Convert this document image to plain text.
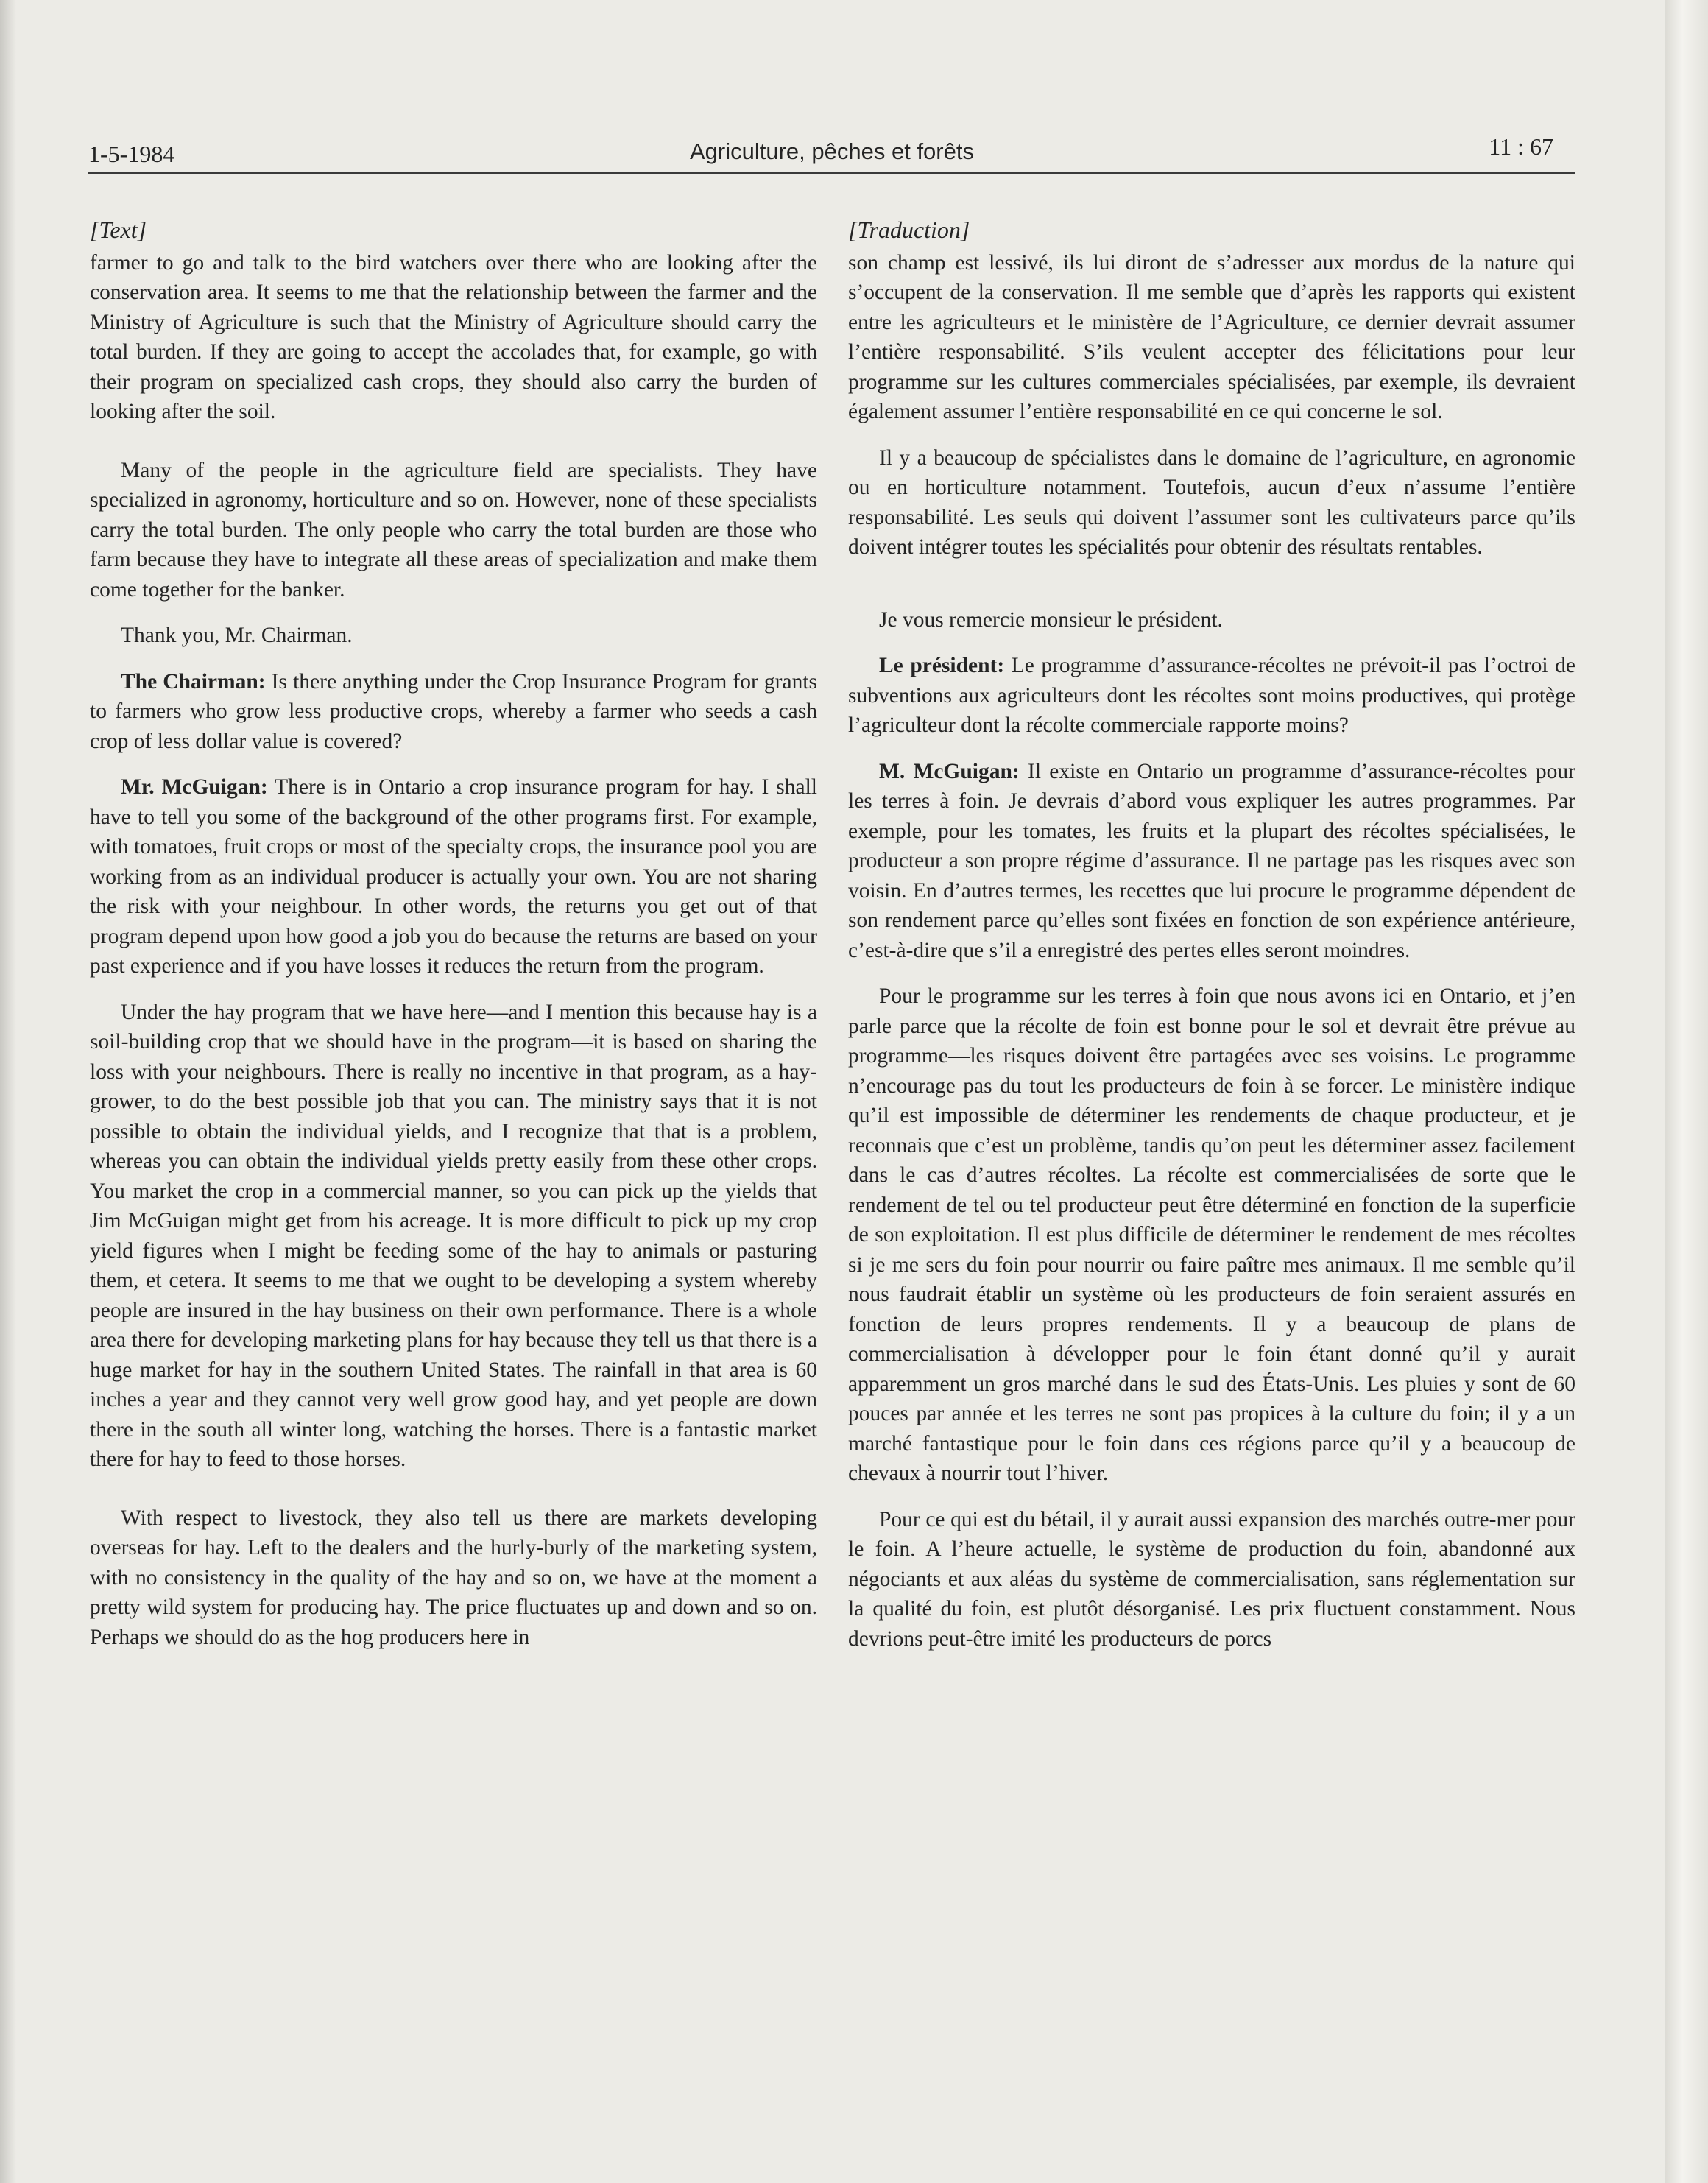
1-5-1984	Agriculture, pêches et forêts	11 : 67
[Text]

farmer to go and talk to the bird watchers over there who are looking after the conservation area. It seems to me that the relationship between the farmer and the Ministry of Agriculture is such that the Ministry of Agriculture should carry the total burden. If they are going to accept the accolades that, for example, go with their program on specialized cash crops, they should also carry the burden of looking after the soil.

Many of the people in the agriculture field are specialists. They have specialized in agronomy, horticulture and so on. However, none of these specialists carry the total burden. The only people who carry the total burden are those who farm because they have to integrate all these areas of specialization and make them come together for the banker.

Thank you, Mr. Chairman.

The Chairman: Is there anything under the Crop Insurance Program for grants to farmers who grow less productive crops, whereby a farmer who seeds a cash crop of less dollar value is covered?

Mr. McGuigan: There is in Ontario a crop insurance program for hay. I shall have to tell you some of the background of the other programs first. For example, with tomatoes, fruit crops or most of the specialty crops, the insurance pool you are working from as an individual producer is actually your own. You are not sharing the risk with your neighbour. In other words, the returns you get out of that program depend upon how good a job you do because the returns are based on your past experience and if you have losses it reduces the return from the program.

Under the hay program that we have here—and I mention this because hay is a soil-building crop that we should have in the program—it is based on sharing the loss with your neighbours. There is really no incentive in that program, as a haygrower, to do the best possible job that you can. The ministry says that it is not possible to obtain the individual yields, and I recognize that that is a problem, whereas you can obtain the individual yields pretty easily from these other crops. You market the crop in a commercial manner, so you can pick up the yields that Jim McGuigan might get from his acreage. It is more difficult to pick up my crop yield figures when I might be feeding some of the hay to animals or pasturing them, et cetera. It seems to me that we ought to be developing a system whereby people are insured in the hay business on their own performance. There is a whole area there for developing marketing plans for hay because they tell us that there is a huge market for hay in the southern United States. The rainfall in that area is 60 inches a year and they cannot very well grow good hay, and yet people are down there in the south all winter long, watching the horses. There is a fantastic market there for hay to feed to those horses.

With respect to livestock, they also tell us there are markets developing overseas for hay. Left to the dealers and the hurly-burly of the marketing system, with no consistency in the quality of the hay and so on, we have at the moment a pretty wild system for producing hay. The price fluctuates up and down and so on. Perhaps we should do as the hog producers here in

[Traduction]

son champ est lessivé, ils lui diront de s’adresser aux mordus de la nature qui s’occupent de la conservation. Il me semble que d’après les rapports qui existent entre les agriculteurs et le ministère de l’Agriculture, ce dernier devrait assumer l’entière responsabilité. S’ils veulent accepter des félicitations pour leur programme sur les cultures commerciales spécialisées, par exemple, ils devraient également assumer l’entière responsabilité en ce qui concerne le sol.

Il y a beaucoup de spécialistes dans le domaine de l’agriculture, en agronomie ou en horticulture notamment. Toutefois, aucun d’eux n’assume l’entière responsabilité. Les seuls qui doivent l’assumer sont les cultivateurs parce qu’ils doivent intégrer toutes les spécialités pour obtenir des résultats rentables.

Je vous remercie monsieur le président.

Le président: Le programme d’assurance-récoltes ne prévoit-il pas l’octroi de subventions aux agriculteurs dont les récoltes sont moins productives, qui protège l’agriculteur dont la récolte commerciale rapporte moins?

M. McGuigan: Il existe en Ontario un programme d’assurance-récoltes pour les terres à foin. Je devrais d’abord vous expliquer les autres programmes. Par exemple, pour les tomates, les fruits et la plupart des récoltes spécialisées, le producteur a son propre régime d’assurance. Il ne partage pas les risques avec son voisin. En d’autres termes, les recettes que lui procure le programme dépendent de son rendement parce qu’elles sont fixées en fonction de son expérience antérieure, c’est-à-dire que s’il a enregistré des pertes elles seront moindres.

Pour le programme sur les terres à foin que nous avons ici en Ontario, et j’en parle parce que la récolte de foin est bonne pour le sol et devrait être prévue au programme—les risques doivent être partagées avec ses voisins. Le programme n’encourage pas du tout les producteurs de foin à se forcer. Le ministère indique qu’il est impossible de déterminer les rendements de chaque producteur, et je reconnais que c’est un problème, tandis qu’on peut les déterminer assez facilement dans le cas d’autres récoltes. La récolte est commercialisées de sorte que le rendement de tel ou tel producteur peut être déterminé en fonction de la superficie de son exploitation. Il est plus difficile de déterminer le rendement de mes récoltes si je me sers du foin pour nourrir ou faire paître mes animaux. Il me semble qu’il nous faudrait établir un système où les producteurs de foin seraient assurés en fonction de leurs propres rendements. Il y a beaucoup de plans de commercialisation à développer pour le foin étant donné qu’il y aurait apparemment un gros marché dans le sud des États-Unis. Les pluies y sont de 60 pouces par année et les terres ne sont pas propices à la culture du foin; il y a un marché fantastique pour le foin dans ces régions parce qu’il y a beaucoup de chevaux à nourrir tout l’hiver.

Pour ce qui est du bétail, il y aurait aussi expansion des marchés outre-mer pour le foin. A l’heure actuelle, le système de production du foin, abandonné aux négociants et aux aléas du système de commercialisation, sans réglementation sur la qualité du foin, est plutôt désorganisé. Les prix fluctuent constamment. Nous devrions peut-être imité les producteurs de porcs
